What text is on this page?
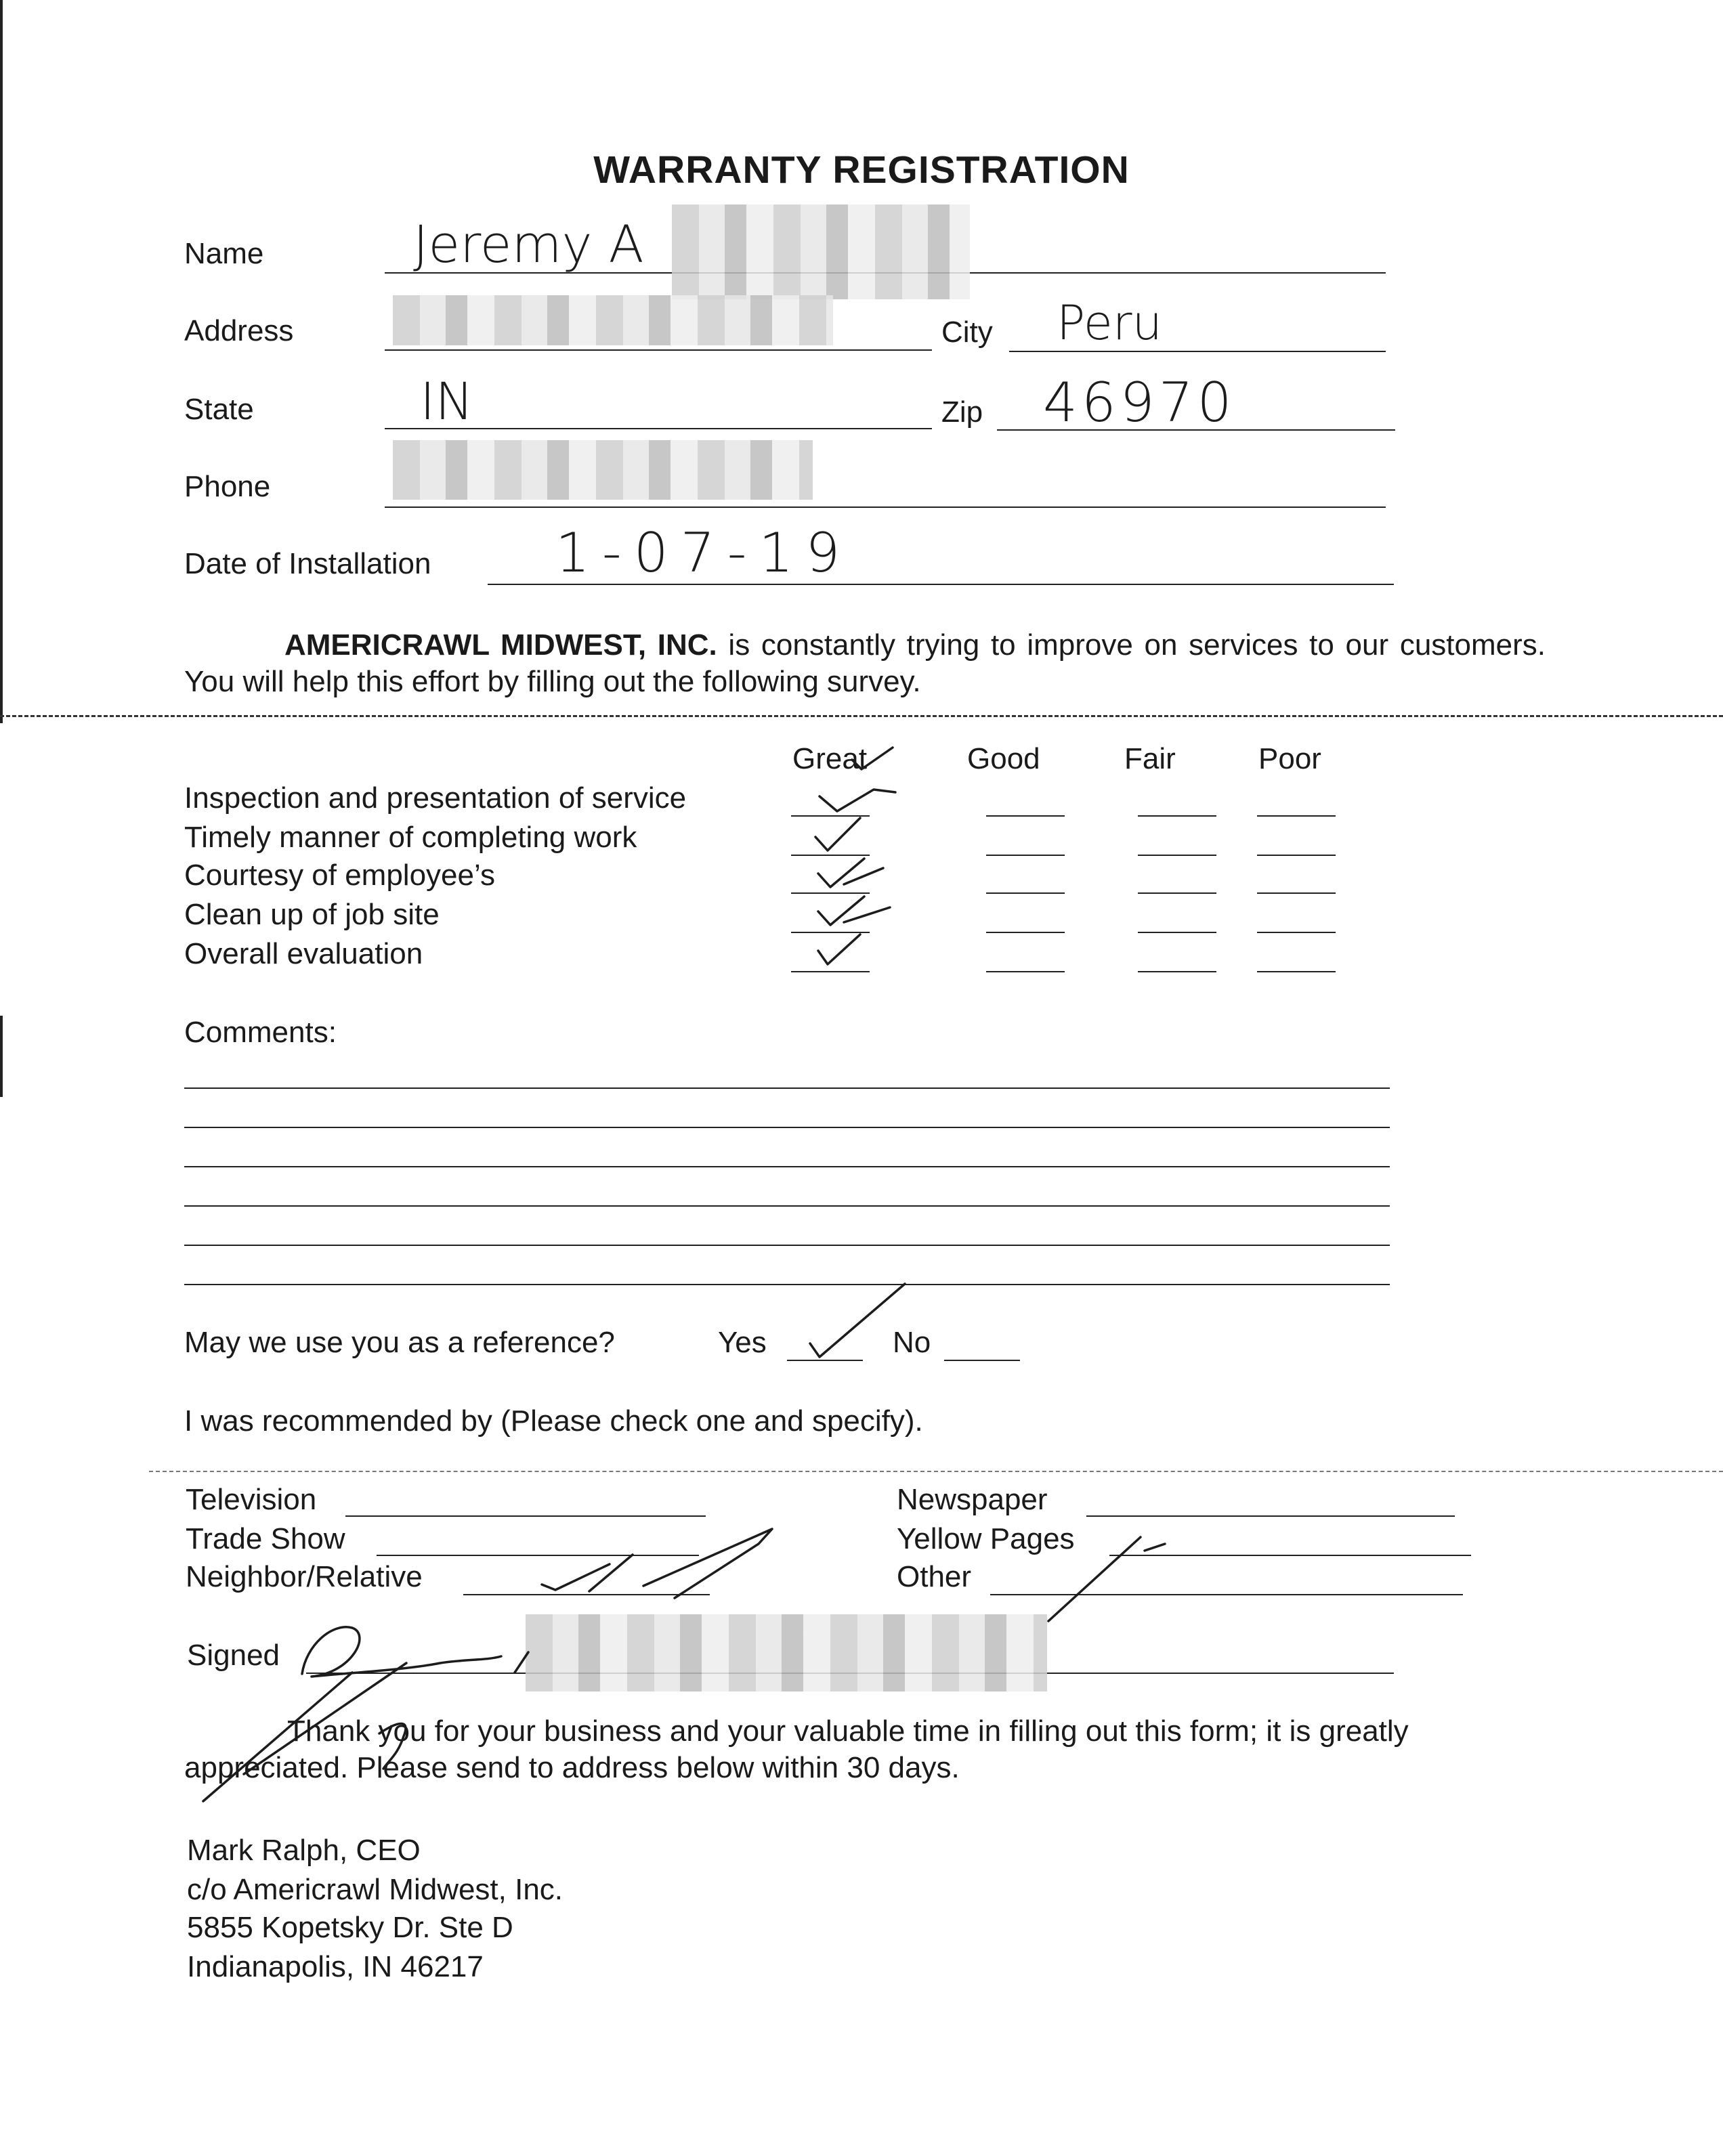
WARRANTY REGISTRATION
Name	Jeremy A
Address	City Peru
State	IN	Zip 46970
Phone
Date of Installation 1-07-19
AMERICRAWL MIDWEST, INC. is constantly trying to improve on services to our customers. You will help this effort by filling out the following survey.
Great	Good	Fair	Poor
Inspection and presentation of service
Timely manner of completing work
Courtesy of employee’s
Clean up of job site
Overall evaluation
Comments:
May we use you as a reference?	Yes	No
I was recommended by (Please check one and specify).
Television
Trade Show
Neighbor/Relative
Newspaper
Yellow Pages
Other
Signed
Thank you for your business and your valuable time in filling out this form; it is greatly appreciated. Please send to address below within 30 days.
Mark Ralph, CEO
c/o Americrawl Midwest, Inc.
5855 Kopetsky Dr. Ste D
Indianapolis, IN 46217
